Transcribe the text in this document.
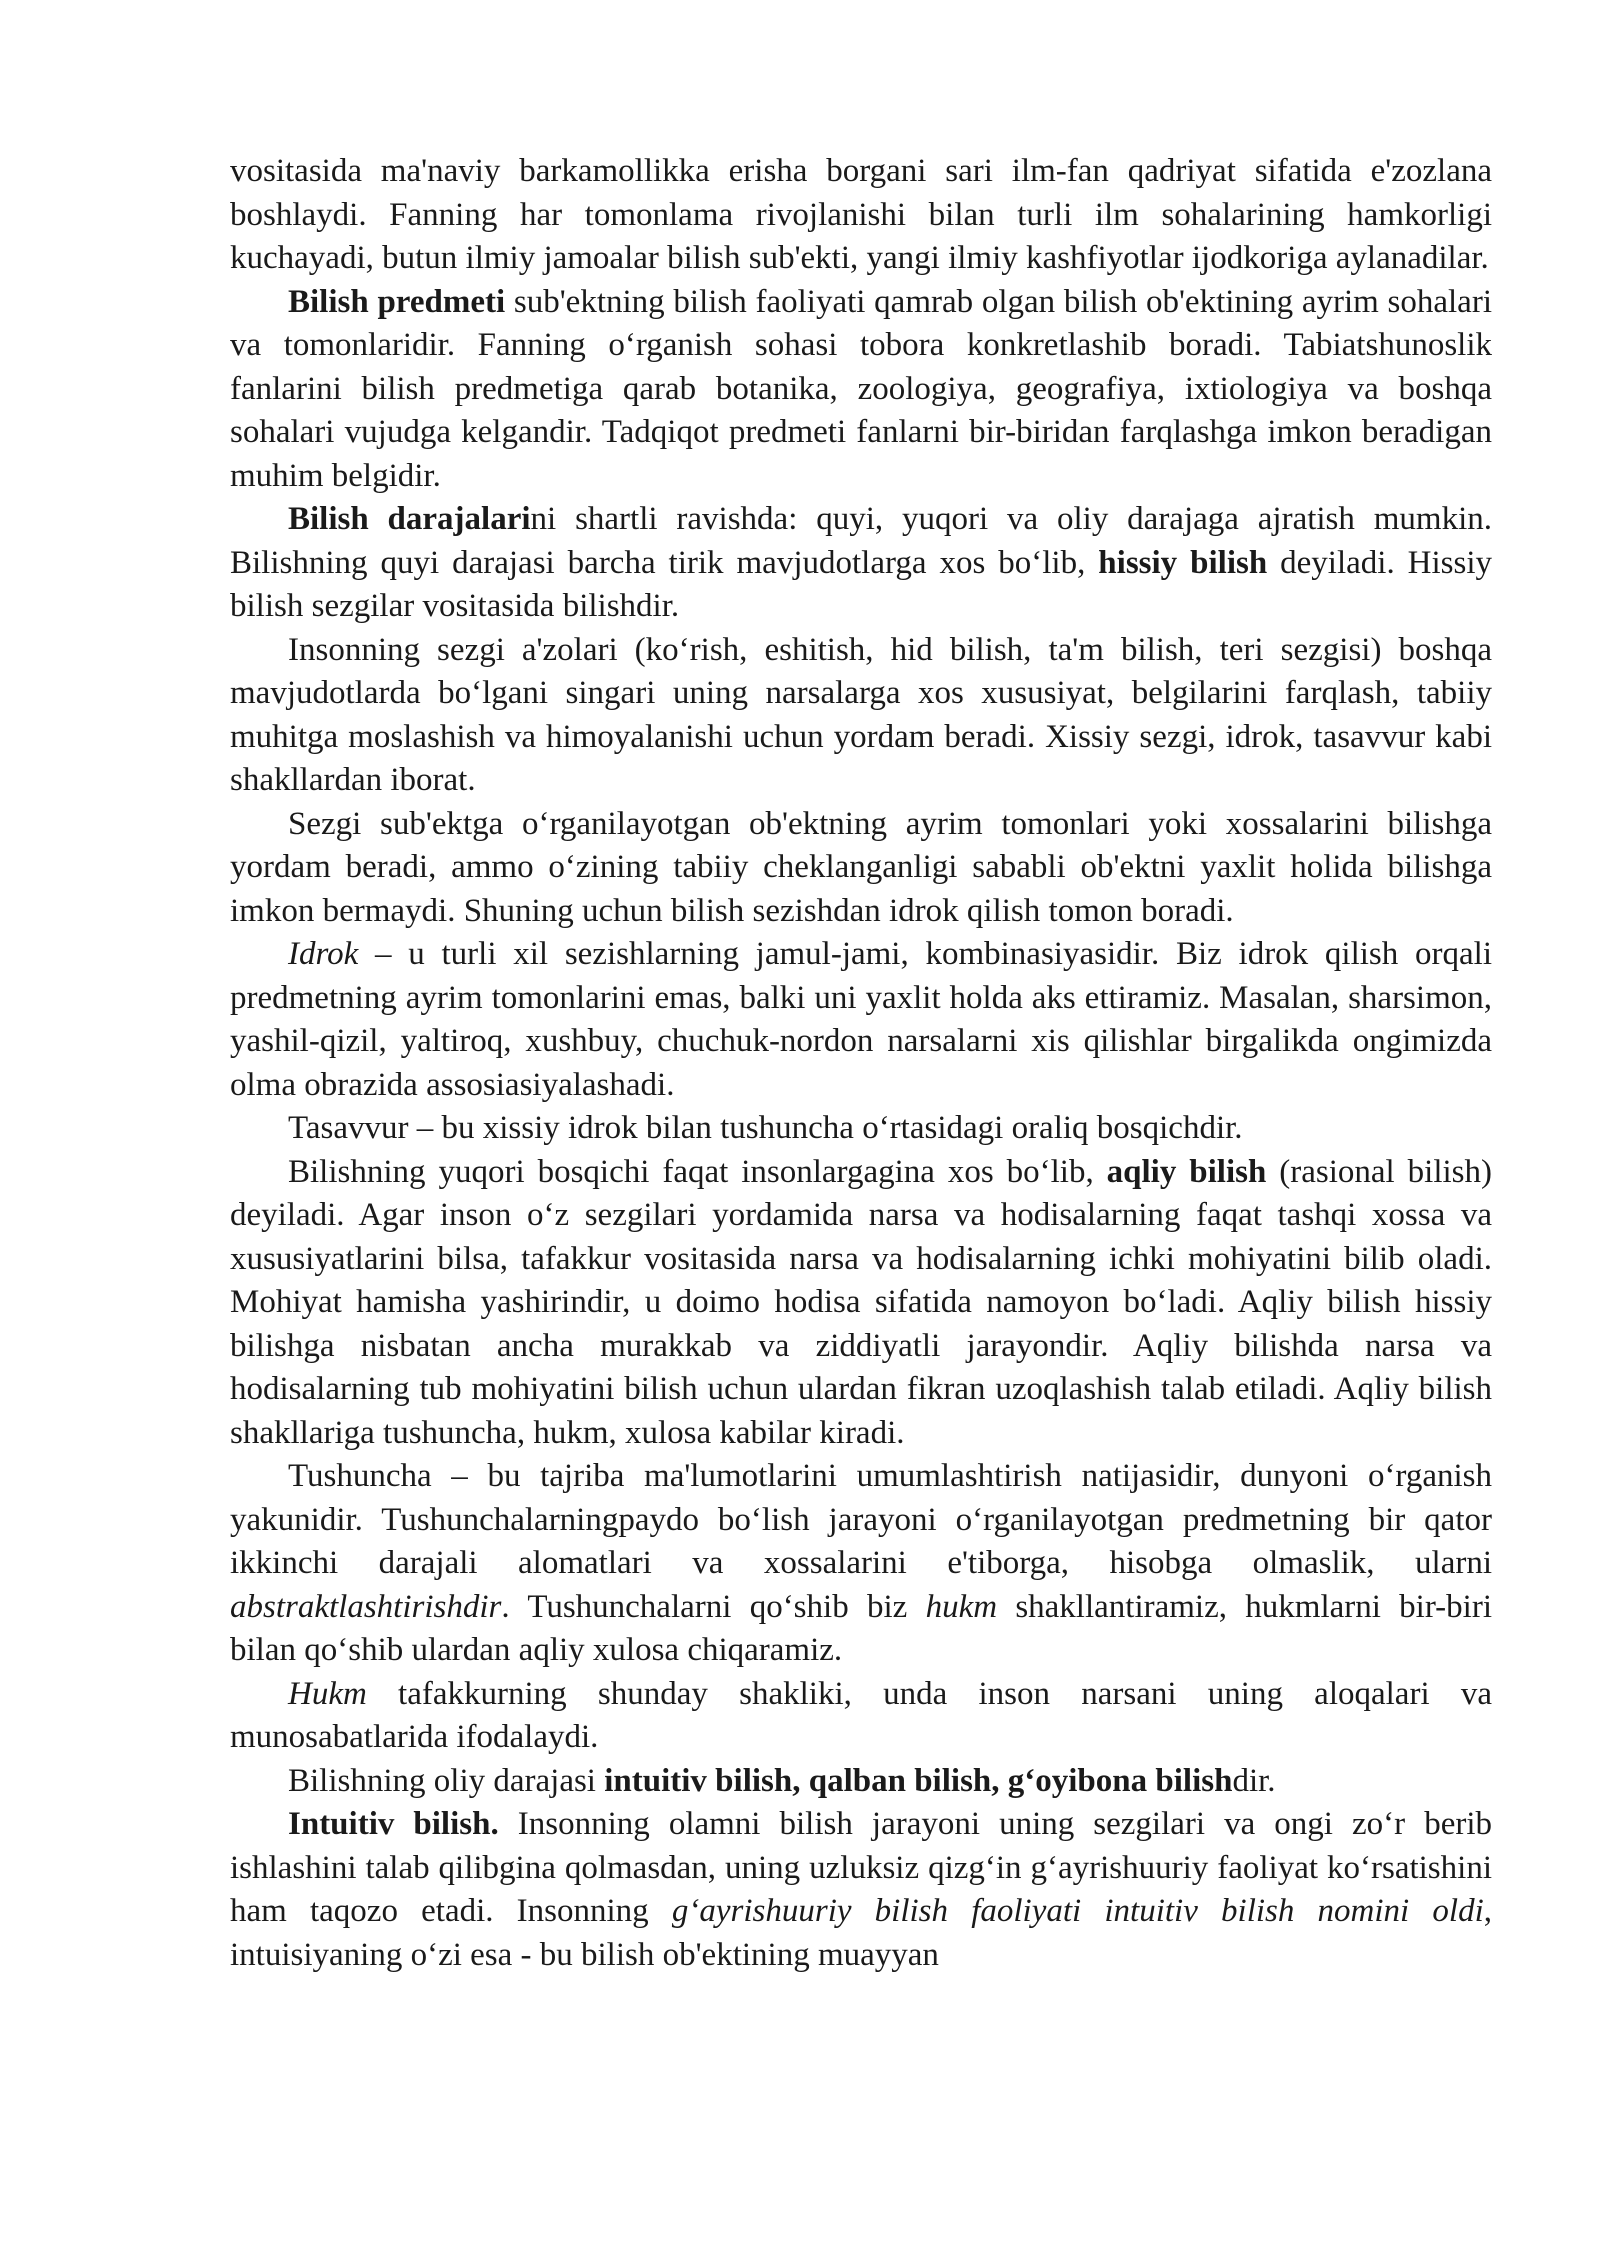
vositasida ma'naviy barkamollikka erisha borgani sari ilm-fan qadriyat sifatida e'zozlana boshlaydi. Fanning har tomonlama rivojlanishi bilan turli ilm sohalarining hamkorligi kuchayadi, butun ilmiy jamoalar bilish sub'ekti, yangi ilmiy kashfiyotlar ijodkoriga aylanadilar.

Bilish predmeti sub'ektning bilish faoliyati qamrab olgan bilish ob'ektining ayrim sohalari va tomonlaridir. Fanning o‘rganish sohasi tobora konkretlashib boradi. Tabiatshunoslik fanlarini bilish predmetiga qarab botanika, zoologiya, geografiya, ixtiologiya va boshqa sohalari vujudga kelgandir. Tadqiqot predmeti fanlarni bir-biridan farqlashga imkon beradigan muhim belgidir.

Bilish darajalarini shartli ravishda: quyi, yuqori va oliy darajaga ajratish mumkin. Bilishning quyi darajasi barcha tirik mavjudotlarga xos bo‘lib, hissiy bilish deyiladi. Hissiy bilish sezgilar vositasida bilishdir.

Insonning sezgi a'zolari (ko‘rish, eshitish, hid bilish, ta'm bilish, teri sezgisi) boshqa mavjudotlarda bo‘lgani singari uning narsalarga xos xususiyat, belgilarini farqlash, tabiiy muhitga moslashish va himoyalanishi uchun yordam beradi. Xissiy sezgi, idrok, tasavvur kabi shakllardan iborat.

Sezgi sub'ektga o‘rganilayotgan ob'ektning ayrim tomonlari yoki xossalarini bilishga yordam beradi, ammo o‘zining tabiiy cheklanganligi sababli ob'ektni yaxlit holida bilishga imkon bermaydi. Shuning uchun bilish sezishdan idrok qilish tomon boradi.

Idrok – u turli xil sezishlarning jamul-jami, kombinasiyasidir. Biz idrok qilish orqali predmetning ayrim tomonlarini emas, balki uni yaxlit holda aks ettiramiz. Masalan, sharsimon, yashil-qizil, yaltiroq, xushbuy, chuchuk-nordon narsalarni xis qilishlar birgalikda ongimizda olma obrazida assosiasiyalashadi.

Tasavvur – bu xissiy idrok bilan tushuncha o‘rtasidagi oraliq bosqichdir.

Bilishning yuqori bosqichi faqat insonlargagina xos bo‘lib, aqliy bilish (rasional bilish) deyiladi. Agar inson o‘z sezgilari yordamida narsa va hodisalarning faqat tashqi xossa va xususiyatlarini bilsa, tafakkur vositasida narsa va hodisalarning ichki mohiyatini bilib oladi. Mohiyat hamisha yashirindir, u doimo hodisa sifatida namoyon bo‘ladi. Aqliy bilish hissiy bilishga nisbatan ancha murakkab va ziddiyatli jarayondir. Aqliy bilishda narsa va hodisalarning tub mohiyatini bilish uchun ulardan fikran uzoqlashish talab etiladi. Aqliy bilish shakllariga tushuncha, hukm, xulosa kabilar kiradi.

Tushuncha – bu tajriba ma'lumotlarini umumlashtirish natijasidir, dunyoni o‘rganish yakunidir. Tushunchalarningpaydo bo‘lish jarayoni o‘rganilayotgan predmetning bir qator ikkinchi darajali alomatlari va xossalarini e'tiborga, hisobga olmaslik, ularni abstraktlashtirishdir. Tushunchalarni qo‘shib biz hukm shakllantiramiz, hukmlarni bir-biri bilan qo‘shib ulardan aqliy xulosa chiqaramiz.

Hukm tafakkurning shunday shakliki, unda inson narsani uning aloqalari va munosabatlarida ifodalaydi.

Bilishning oliy darajasi intuitiv bilish, qalban bilish, g‘oyibona bilishdir.

Intuitiv bilish. Insonning olamni bilish jarayoni uning sezgilari va ongi zo‘r berib ishlashini talab qilibgina qolmasdan, uning uzluksiz qizg‘in g‘ayrishuuriy faoliyat ko‘rsatishini ham taqozo etadi. Insonning g‘ayrishuuriy bilish faoliyati intuitiv bilish nomini oldi, intuisiyaning o‘zi esa - bu bilish ob'ektining muayyan
